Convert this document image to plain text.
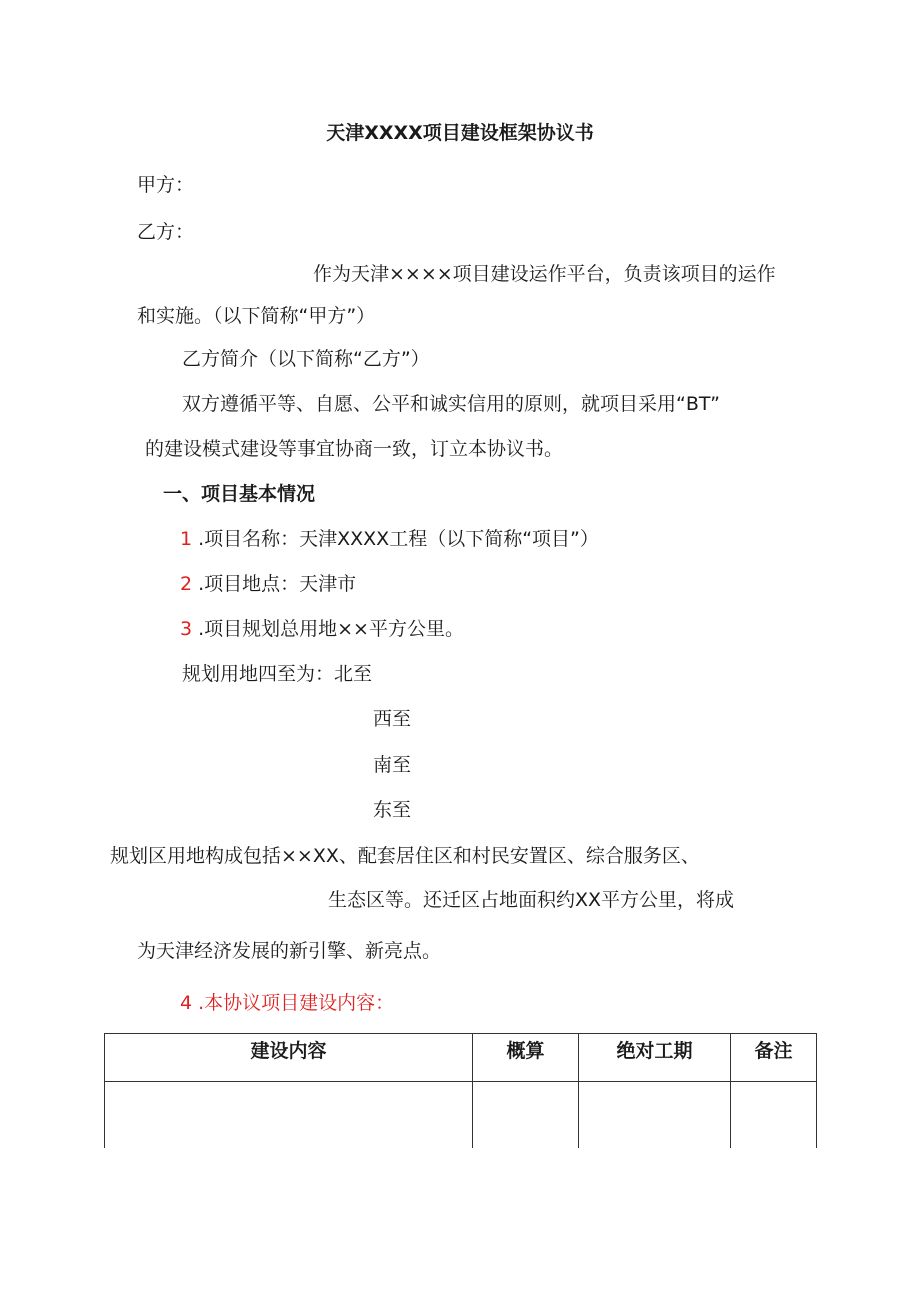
天津XXXX项目建设框架协议书
甲方：
乙方：
作为天津××××项目建设运作平台，负责该项目的运作
和实施。（以下简称“甲方”）
乙方简介（以下简称“乙方”）
双方遵循平等、自愿、公平和诚实信用的原则，就项目采用“BT”
的建设模式建设等事宜协商一致，订立本协议书。
一、项目基本情况
1 .项目名称：天津XXXX工程（以下简称“项目”）
2 .项目地点：天津市
3 .项目规划总用地××平方公里。
规划用地四至为：北至
西至
南至
东至
规划区用地构成包括××XX、配套居住区和村民安置区、综合服务区、
生态区等。还迁区占地面积约XX平方公里，将成
为天津经济发展的新引擎、新亮点。
4 .本协议项目建设内容：
建设内容	概算	绝对工期	备注
